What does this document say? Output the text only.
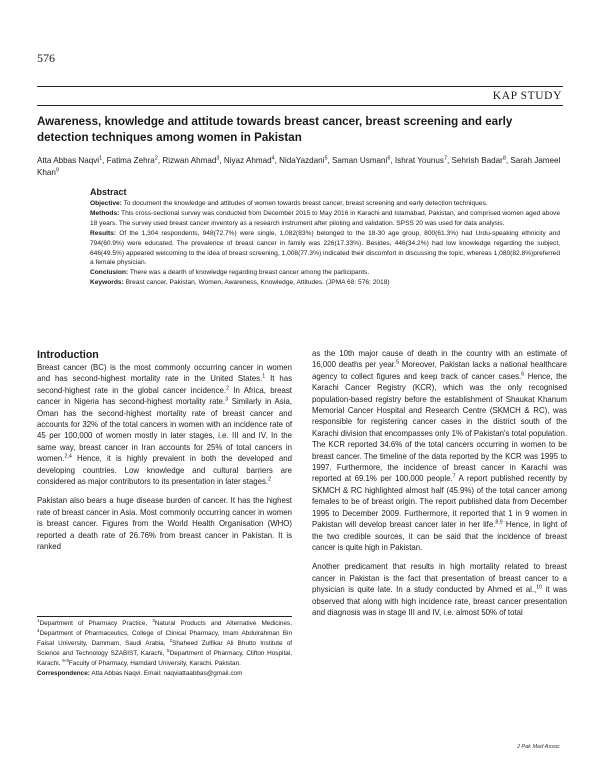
576
KAP STUDY
Awareness, knowledge and attitude towards breast cancer, breast screening and early detection techniques among women in Pakistan
Atta Abbas Naqvi$^1$, Fatima Zehra$^2$, Rizwan Ahmad$^3$, Niyaz Ahmad$^4$, NidaYazdani$^5$, Saman Usmani$^6$, Ishrat Younus$^7$, Sehrish Badar$^8$, Sarah Jameel Khan$^9$
Abstract

Objective: To document the knowledge and attitudes of women towards breast cancer, breast screening and early detection techniques.

Methods: This cross-sectional survey was conducted from December 2015 to May 2016 in Karachi and Islamabad, Pakistan, and comprised women aged above 18 years. The survey used breast cancer inventory as a research instrument after piloting and validation. SPSS 20 was used for data analysis.

Results: Of the 1,304 respondents, 948(72.7%) were single, 1,082(83%) belonged to the 18-30 age group, 800(61.3%) had Urdu-speaking ethnicity and 794(60.9%) were educated. The prevalence of breast cancer in family was 226(17.33%). Besides, 446(34.2%) had low knowledge regarding the subject, 646(49.5%) appeared welcoming to the idea of breast screening, 1,008(77.3%) indicated their discomfort in discussing the topic, whereas 1,080(82.8%)preferred a female physician.

Conclusion: There was a dearth of knowledge regarding breast cancer among the participants.

Keywords: Breast cancer, Pakistan, Women, Awareness, Knowledge, Attitudes. (JPMA 68: 576; 2018)

Introduction

Breast cancer (BC) is the most commonly occurring cancer in women and has second-highest mortality rate in the United States.$^1$ It has second-highest rate in the global cancer incidence.$^2$ In Africa, breast cancer in Nigeria has second-highest mortality rate.$^3$ Similarly in Asia, Oman has the second-highest mortality rate of breast cancer and accounts for 32% of the total cancers in women with an incidence rate of 45 per 100,000 of women mostly in later stages, i.e. III and IV. In the same way, breast cancer in Iran accounts for 25% of total cancers in women.$^{2,4}$ Hence, it is highly prevalent in both the developed and developing countries. Low knowledge and cultural barriers are considered as major contributors to its presentation in later stages.$^2$

Pakistan also bears a huge disease burden of cancer. It has the highest rate of breast cancer in Asia. Most commonly occurring cancer in women is breast cancer. Figures from the World Health Organisation (WHO) reported a death rate of 26.76% from breast cancer in Pakistan. It is ranked

as the 10th major cause of death in the country with an estimate of 16,000 deaths per year.$^5$ Moreover, Pakistan lacks a national healthcare agency to collect figures and keep track of cancer cases.$^6$ Hence, the Karachi Cancer Registry (KCR), which was the only recognised population-based registry before the establishment of Shaukat Khanum Memorial Cancer Hospital and Research Centre (SKMCH & RC), was responsible for registering cancer cases in the district south of the Karachi division that encompasses only 1% of Pakistan's total population. The KCR reported 34.6% of the total cancers occurring in women to be breast cancer. The timeline of the data reported by the KCR was 1995 to 1997. Furthermore, the incidence of breast cancer in Karachi was reported at 69.1% per 100,000 people.$^7$ A report published recently by SKMCH & RC highlighted almost half (45.9%) of the total cancer among females to be of breast origin. The report published data from December 1995 to December 2009. Furthermore, it reported that 1 in 9 women in Pakistan will develop breast cancer later in her life.$^{8,9}$ Hence, in light of the two credible sources, it can be said that the incidence of breast cancer is quite high in Pakistan.

Another predicament that results in high mortality related to breast cancer in Pakistan is the fact that presentation of breast cancer to a physician is quite late. In a study conducted by Ahmed et al.,$^{10}$ it was observed that along with high incidence rate, breast cancer presentation and diagnosis was in stage III and IV, i.e. almost 50% of total

$^1$Department of Pharmacy Practice, $^3$Natural Products and Alternative Medicines, $^4$Department of Pharmaceutics, College of Clinical Pharmacy, Imam Abdulrahman Bin Faisal University, Dammam, Saudi Arabia, $^2$Shaheed Zulfikar Ali Bhutto Institute of Science and Technology SZABIST, Karachi, $^5$Department of Pharmacy, Clifton Hospital, Karachi, $^{6-9}$Faculty of Pharmacy, Hamdard University, Karachi, Pakistan.

Correspondence: Atta Abbas Naqvi. Email: naqviattaabbas@gmail.com

J Pak Med Assoc
